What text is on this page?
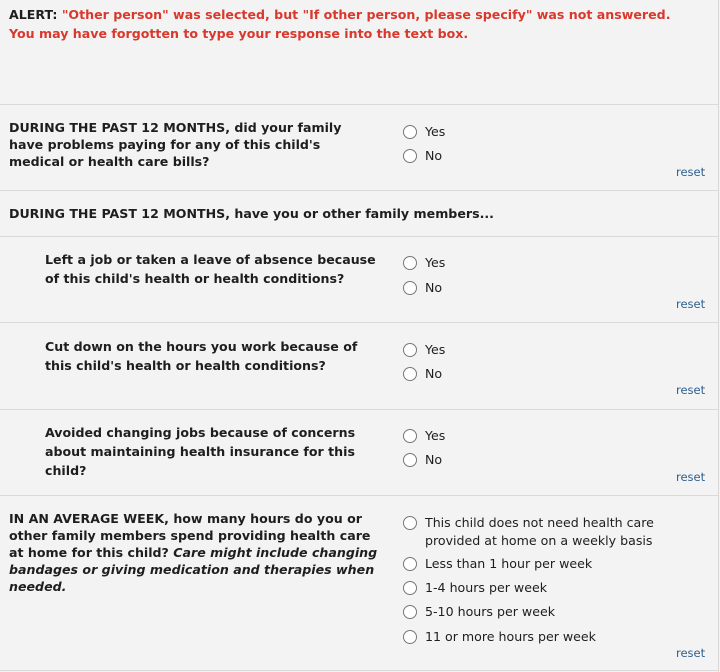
ALERT: "Other person" was selected, but "If other person, please specify" was not answered. You may have forgotten to type your response into the text box.
DURING THE PAST 12 MONTHS, did your family have problems paying for any of this child's medical or health care bills?
Yes
No
reset
DURING THE PAST 12 MONTHS, have you or other family members...
Left a job or taken a leave of absence because of this child's health or health conditions?
Yes
No
reset
Cut down on the hours you work because of this child's health or health conditions?
Yes
No
reset
Avoided changing jobs because of concerns about maintaining health insurance for this child?
Yes
No
reset
IN AN AVERAGE WEEK, how many hours do you or other family members spend providing health care at home for this child? Care might include changing bandages or giving medication and therapies when needed.
This child does not need health care provided at home on a weekly basis
Less than 1 hour per week
1-4 hours per week
5-10 hours per week
11 or more hours per week
reset
